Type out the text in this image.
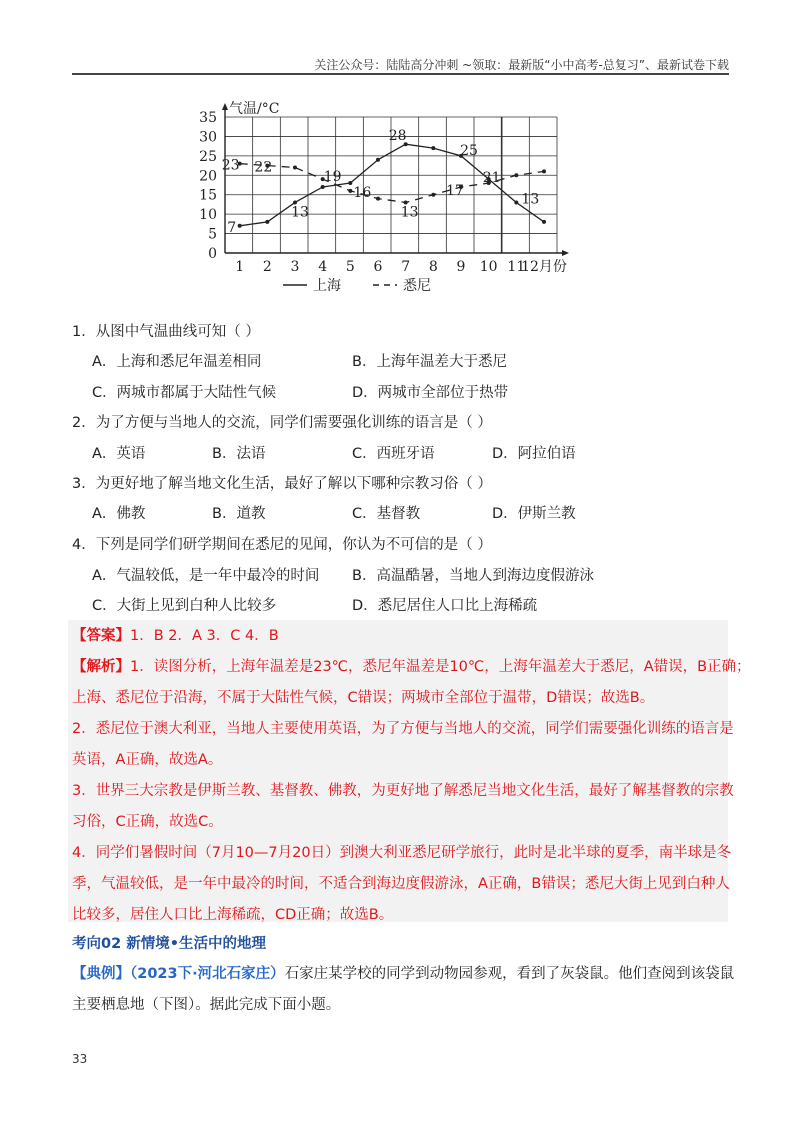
关注公众号：陆陆高分冲刺 ~领取：最新版“小中高考-总复习”、最新试卷下载
0
5
10
15
20
25
30
35
气温/°C
1 2 3 4 5 6 7 8 9 10 11
12月份
7
13
19
28
25
13
23 22
16
13
17
21
上海	悉尼
1．从图中气温曲线可知（ ）
A．上海和悉尼年温差相同	B．上海年温差大于悉尼
C．两城市都属于大陆性气候	D．两城市全部位于热带
2．为了方便与当地人的交流，同学们需要强化训练的语言是（ ）
A．英语	B．法语	C．西班牙语	D．阿拉伯语
3．为更好地了解当地文化生活，最好了解以下哪种宗教习俗（ ）
A．佛教	B．道教	C．基督教	D．伊斯兰教
4．下列是同学们研学期间在悉尼的见闻，你认为不可信的是（ ）
A．气温较低，是一年中最冷的时间 B．高温酷暑，当地人到海边度假游泳
C．大街上见到白种人比较多	D．悉尼居住人口比上海稀疏
【答案】1．B 2．A 3．C 4．B
【解析】1．读图分析，上海年温差是23℃，悉尼年温差是10℃，上海年温差大于悉尼，A错误，B正确；
上海、悉尼位于沿海，不属于大陆性气候，C错误；两城市全部位于温带，D错误；故选B。
2．悉尼位于澳大利亚，当地人主要使用英语，为了方便与当地人的交流，同学们需要强化训练的语言是
英语，A正确，故选A。
3．世界三大宗教是伊斯兰教、基督教、佛教，为更好地了解悉尼当地文化生活，最好了解基督教的宗教
习俗，C正确，故选C。
4．同学们暑假时间（7月10—7月20日）到澳大利亚悉尼研学旅行，此时是北半球的夏季，南半球是冬
季，气温较低，是一年中最冷的时间，不适合到海边度假游泳，A正确，B错误；悉尼大街上见到白种人
比较多，居住人口比上海稀疏，CD正确；故选B。
考向02 新情境•生活中的地理
【典例】（2023下·河北石家庄）石家庄某学校的同学到动物园参观，看到了灰袋鼠。他们查阅到该袋鼠
主要栖息地（下图）。据此完成下面小题。
33
